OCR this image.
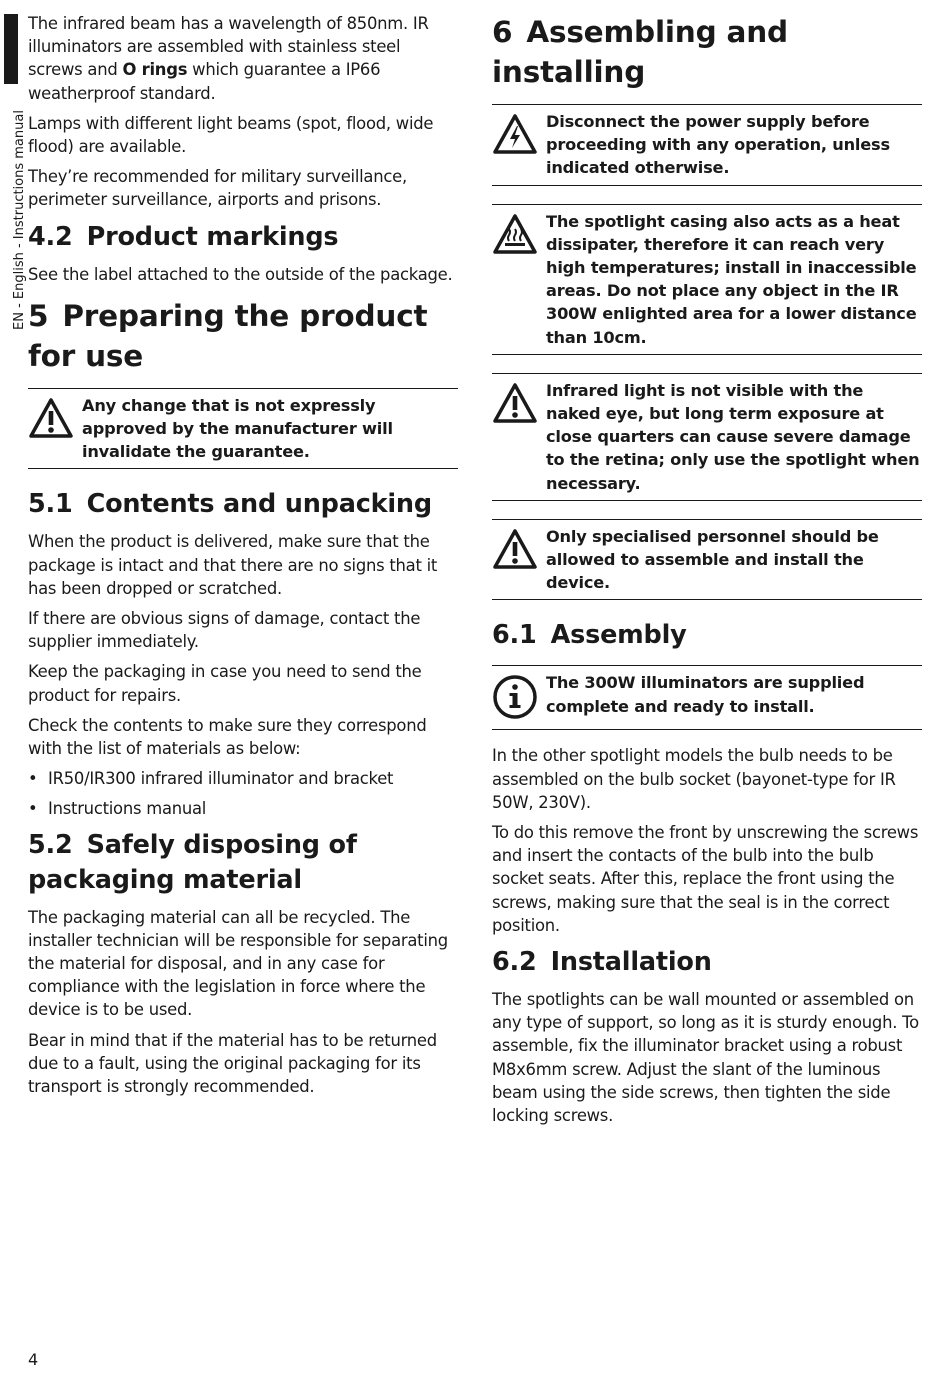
EN - English - Instructions manual

The infrared beam has a wavelength of 850nm. IR illuminators are assembled with stainless steel screws and O rings which guarantee a IP66 weatherproof standard.

Lamps with different light beams (spot, flood, wide flood) are available.

They’re recommended for military surveillance, perimeter surveillance, airports and prisons.

4.2 Product markings

See the label attached to the outside of the package.

5 Preparing the product for use
Any change that is not expressly approved by the manufacturer will invalidate the guarantee.
5.1 Contents and unpacking

When the product is delivered, make sure that the package is intact and that there are no signs that it has been dropped or scratched.

If there are obvious signs of damage, contact the supplier immediately.

Keep the packaging in case you need to send the product for repairs.

Check the contents to make sure they correspond with the list of materials as below:

• IR50/IR300 infrared illuminator and bracket
• Instructions manual
5.2 Safely disposing of packaging material

The packaging material can all be recycled. The installer technician will be responsible for separating the material for disposal, and in any case for compliance with the legislation in force where the device is to be used.

Bear in mind that if the material has to be returned due to a fault, using the original packaging for its transport is strongly recommended.

6 Assembling and installing
Disconnect the power supply before proceeding with any operation, unless indicated otherwise.
The spotlight casing also acts as a heat dissipater, therefore it can reach very high temperatures; install in inaccessible areas. Do not place any object in the IR 300W enlighted area for a lower distance than 10cm.
Infrared light is not visible with the naked eye, but long term exposure at close quarters can cause severe damage to the retina; only use the spotlight when necessary.
Only specialised personnel should be allowed to assemble and install the device.
6.1 Assembly
The 300W illuminators are supplied complete and ready to install.

In the other spotlight models the bulb needs to be assembled on the bulb socket (bayonet-type for IR 50W, 230V).

To do this remove the front by unscrewing the screws and insert the contacts of the bulb into the bulb socket seats. After this, replace the front using the screws, making sure that the seal is in the correct position.

6.2 Installation

The spotlights can be wall mounted or assembled on any type of support, so long as it is sturdy enough. To assemble, fix the illuminator bracket using a robust M8x6mm screw. Adjust the slant of the luminous beam using the side screws, then tighten the side locking screws.

4
